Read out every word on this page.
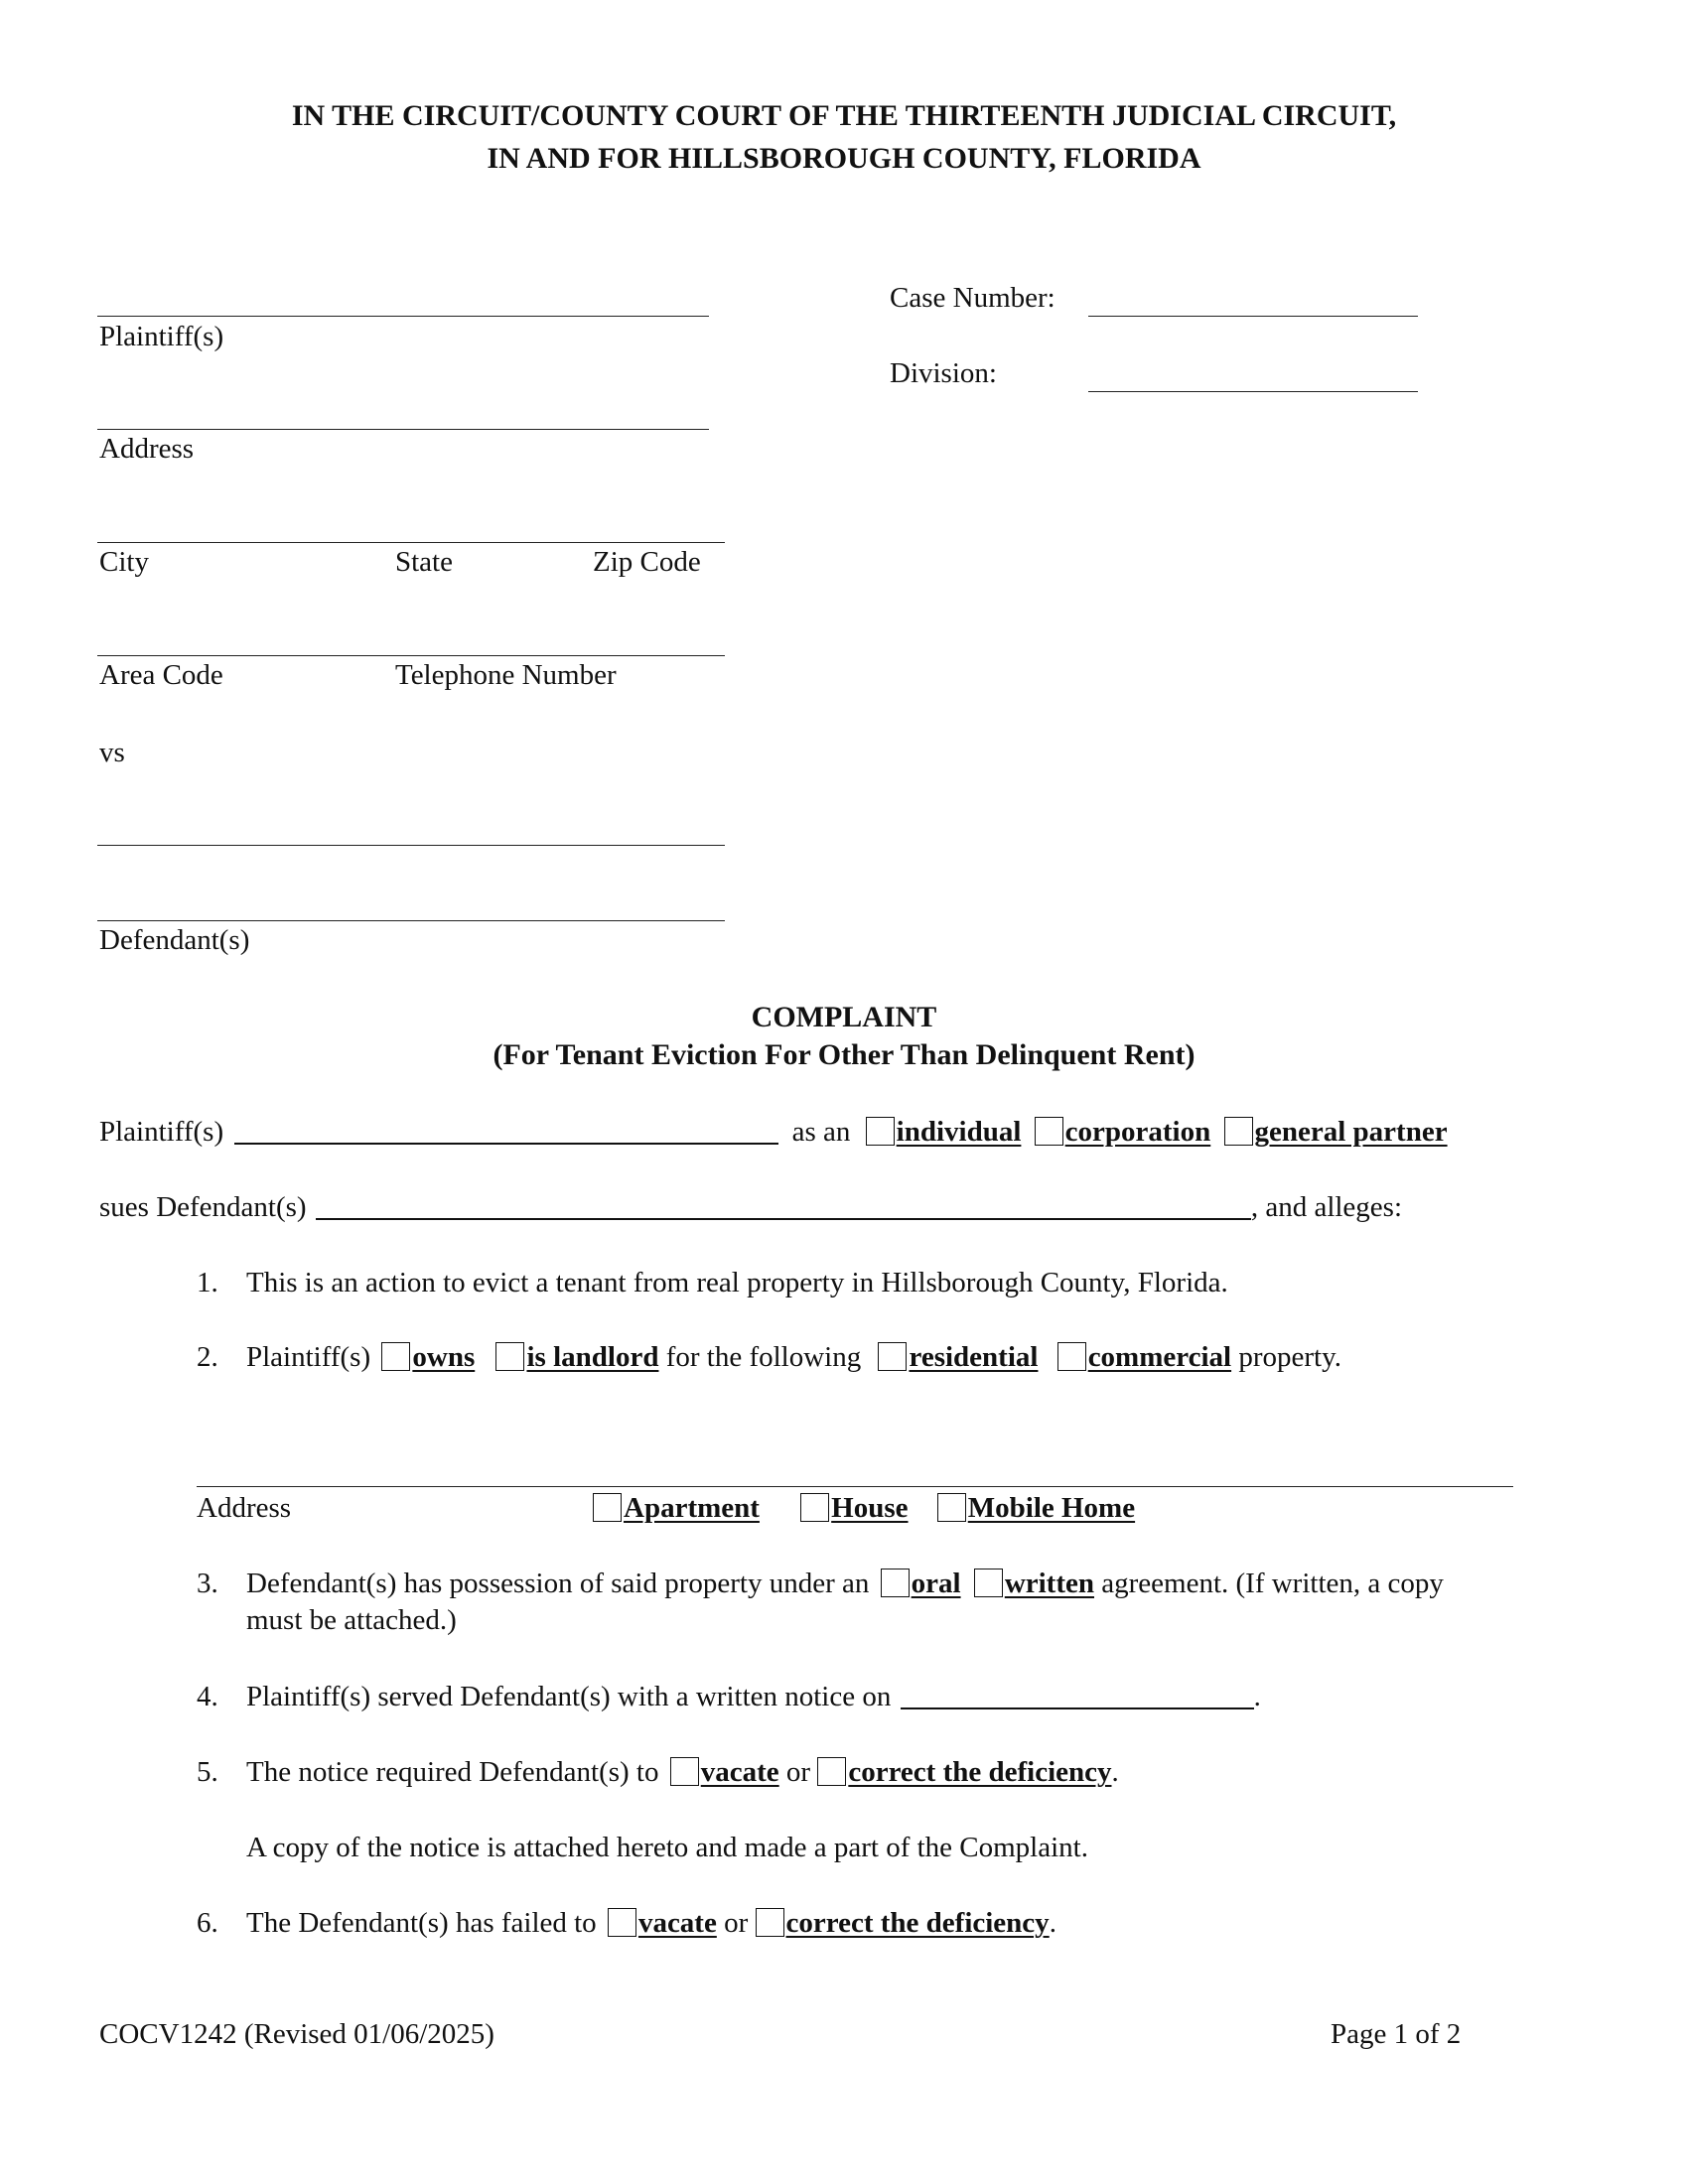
IN THE CIRCUIT/COUNTY COURT OF THE THIRTEENTH JUDICIAL CIRCUIT,
IN AND FOR HILLSBOROUGH COUNTY, FLORIDA
Plaintiff(s)
Address
City	State	Zip Code
Area Code	Telephone Number
vs
Defendant(s)
Case Number:
Division:
COMPLAINT
(For Tenant Eviction For Other Than Delinquent Rent)
Plaintiff(s)	as an individual corporation general partner
sues Defendant(s)	, and alleges:
1. This is an action to evict a tenant from real property in Hillsborough County, Florida.
2. Plaintiff(s) owns is landlord for the following residential commercial property.
Address	Apartment House Mobile Home
3. Defendant(s) has possession of said property under an oral written agreement. (If written, a copy
must be attached.)
4. Plaintiff(s) served Defendant(s) with a written notice on	.
5. The notice required Defendant(s) to vacate or correct the deficiency.
A copy of the notice is attached hereto and made a part of the Complaint.
6. The Defendant(s) has failed to vacate or correct the deficiency.
COCV1242 (Revised 01/06/2025)	Page 1 of 2
